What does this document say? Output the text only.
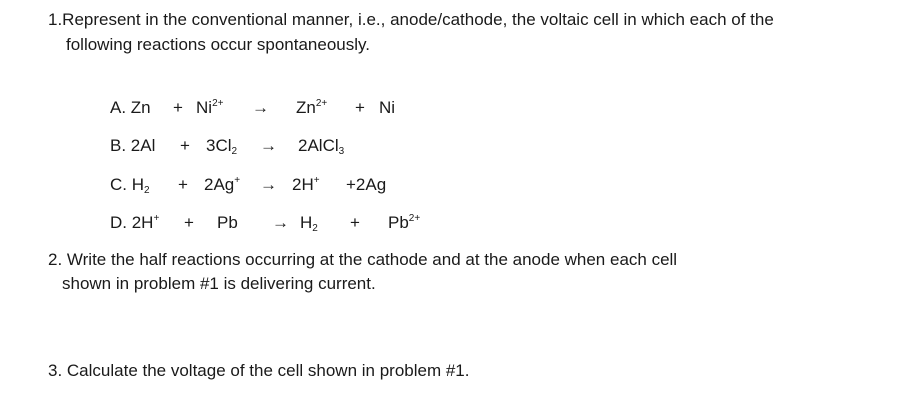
1.Represent in the conventional manner, i.e., anode/cathode, the voltaic cell in which each of the
following reactions occur spontaneously.
A. $Zn + Ni^{2+} \to Zn^{2+} + Ni$
B. $2Al + 3Cl_2$ → 2AlCl$_3$
C. $H_2 + 2Ag^+ \to 2H^+ +2Ag$
D. $2H^+ + Pb \to H_2 + Pb^{2+}$
2. Write the half reactions occurring at the cathode and at the anode when each cell
shown in problem #1 is delivering current.
3. Calculate the voltage of the cell shown in problem #1.
